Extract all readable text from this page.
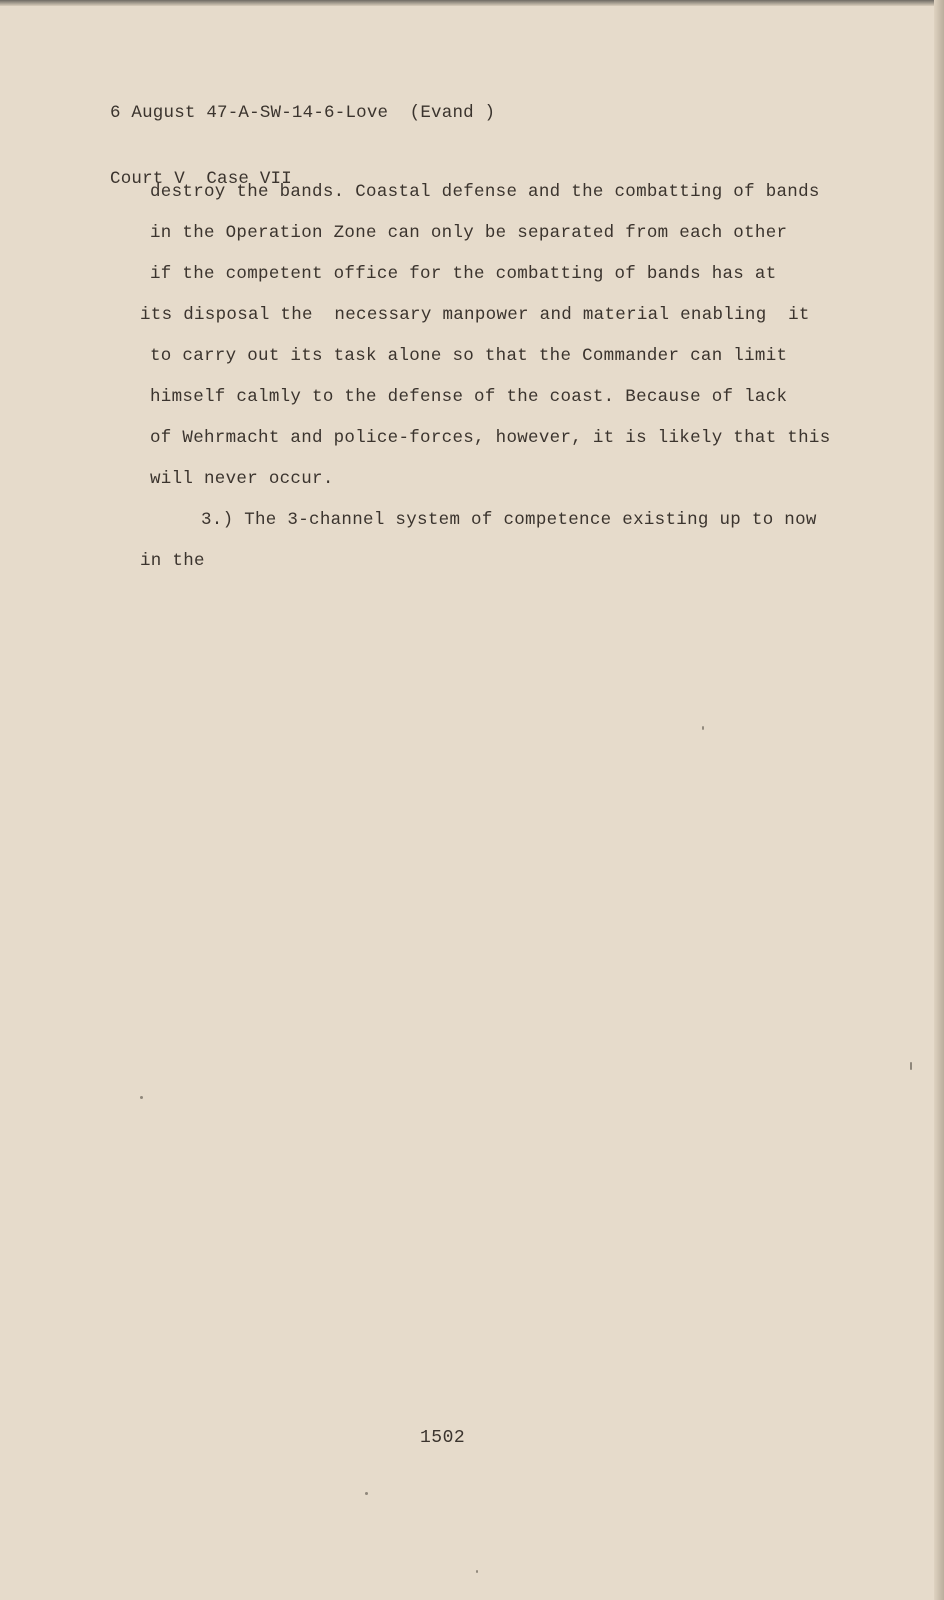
6 August 47-A-SW-14-6-Love  (Evand )

Court V  Case VII

destroy the bands. Coastal defense and the combatting of bands
in the Operation Zone can only be separated from each other
if the competent office for the combatting of bands has at
its disposal the  necessary manpower and material enabling  it
to carry out its task alone so that the Commander can limit
himself calmly to the defense of the coast. Because of lack
of Wehrmacht and police-forces, however, it is likely that this
will never occur.
3.) The 3-channel system of competence existing up to now
in the
1502
